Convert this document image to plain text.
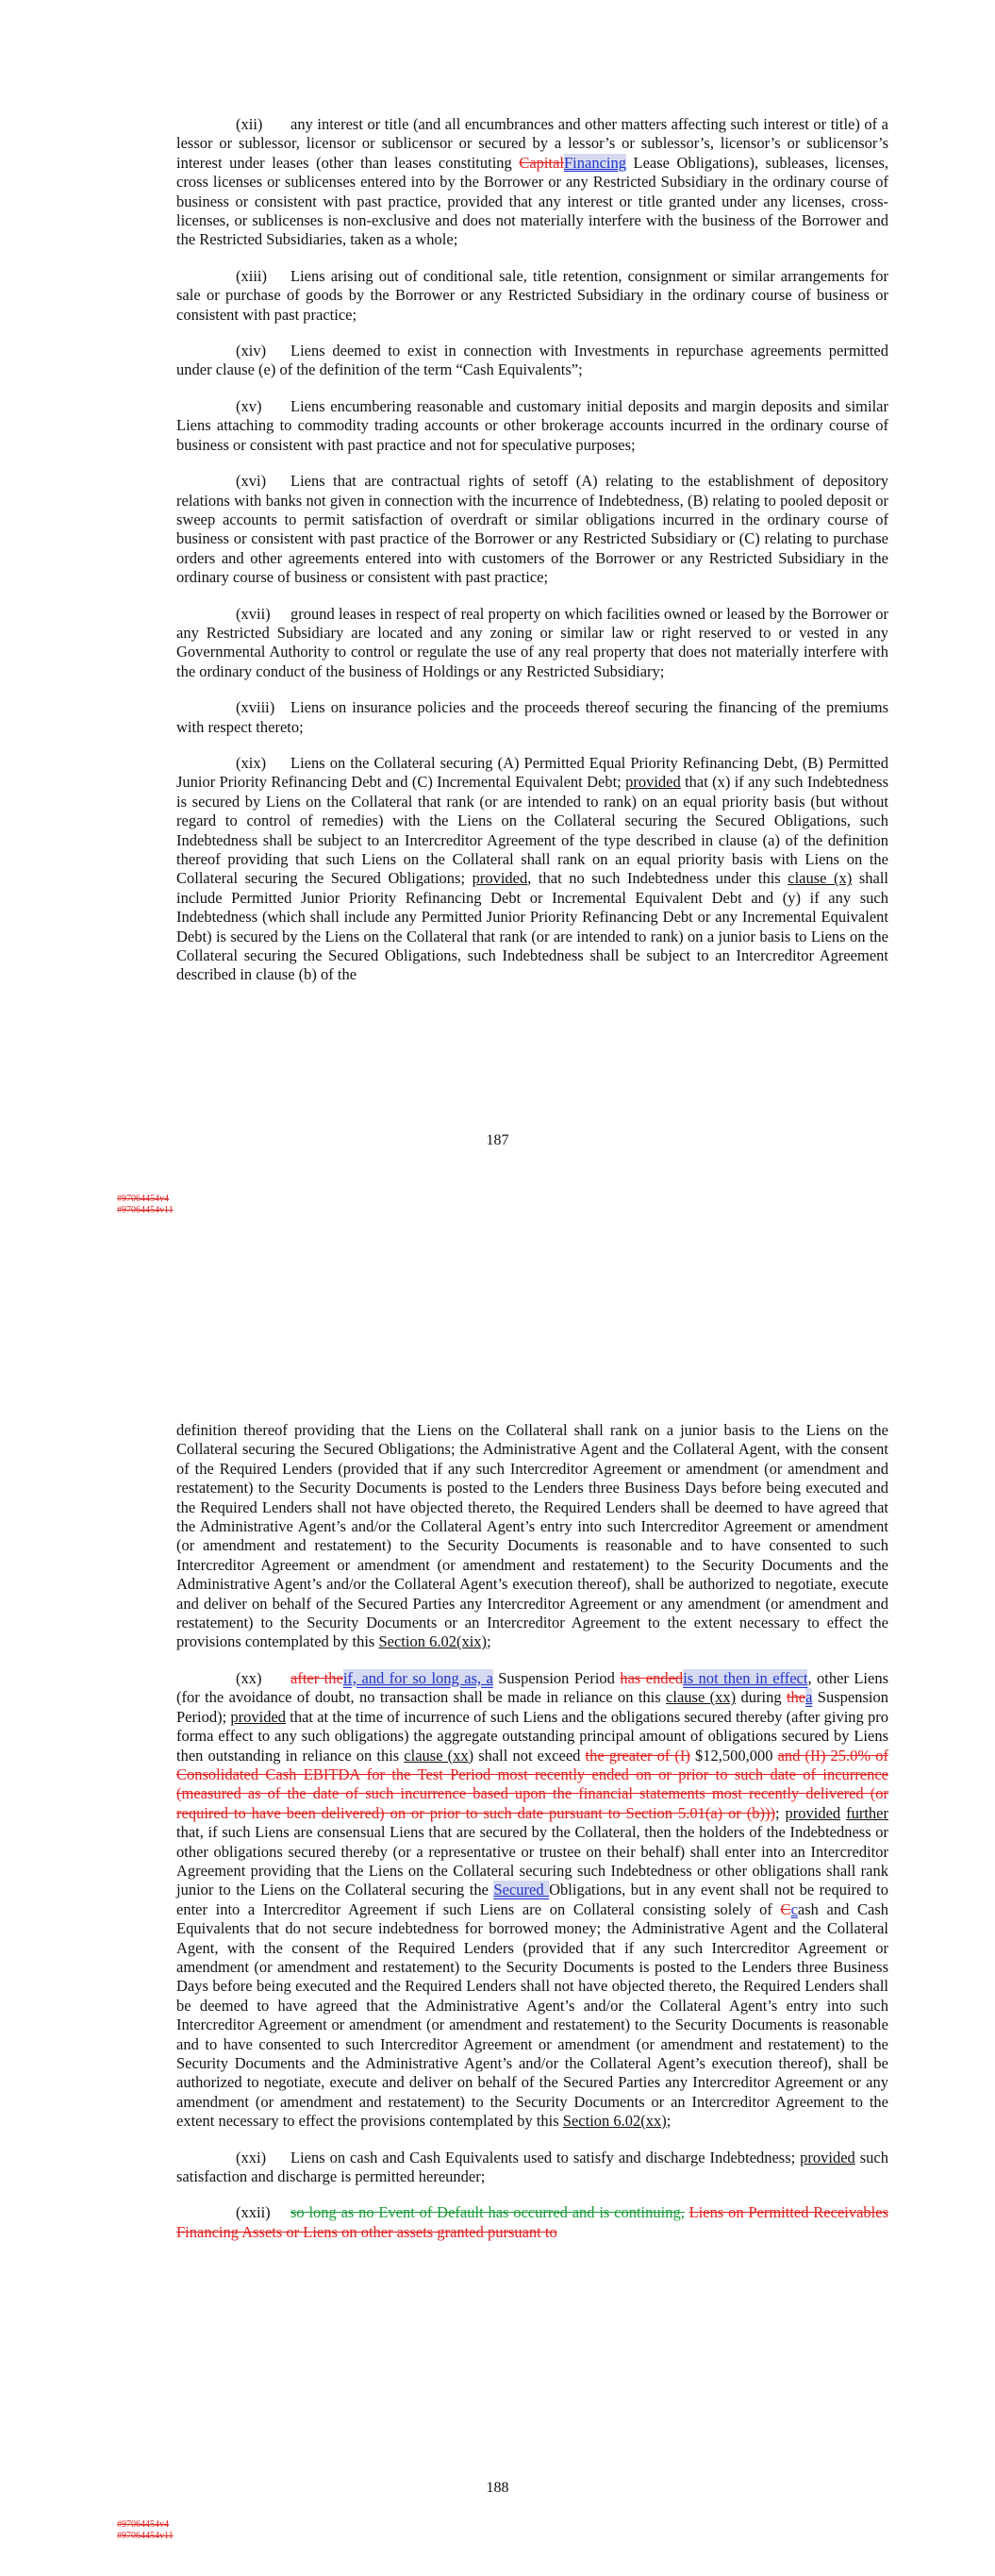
(xii) any interest or title (and all encumbrances and other matters affecting such interest or title) of a lessor or sublessor, licensor or sublicensor or secured by a lessor’s or sublessor’s, licensor’s or sublicensor’s interest under leases (other than leases constituting CapitalFinancing Lease Obligations), subleases, licenses, cross licenses or sublicenses entered into by the Borrower or any Restricted Subsidiary in the ordinary course of business or consistent with past practice, provided that any interest or title granted under any licenses, cross-licenses, or sublicenses is non-exclusive and does not materially interfere with the business of the Borrower and the Restricted Subsidiaries, taken as a whole;

(xiii) Liens arising out of conditional sale, title retention, consignment or similar arrangements for sale or purchase of goods by the Borrower or any Restricted Subsidiary in the ordinary course of business or consistent with past practice;

(xiv) Liens deemed to exist in connection with Investments in repurchase agreements permitted under clause (e) of the definition of the term “Cash Equivalents”;

(xv) Liens encumbering reasonable and customary initial deposits and margin deposits and similar Liens attaching to commodity trading accounts or other brokerage accounts incurred in the ordinary course of business or consistent with past practice and not for speculative purposes;

(xvi) Liens that are contractual rights of setoff (A) relating to the establishment of depository relations with banks not given in connection with the incurrence of Indebtedness, (B) relating to pooled deposit or sweep accounts to permit satisfaction of overdraft or similar obligations incurred in the ordinary course of business or consistent with past practice of the Borrower or any Restricted Subsidiary or (C) relating to purchase orders and other agreements entered into with customers of the Borrower or any Restricted Subsidiary in the ordinary course of business or consistent with past practice;

(xvii) ground leases in respect of real property on which facilities owned or leased by the Borrower or any Restricted Subsidiary are located and any zoning or similar law or right reserved to or vested in any Governmental Authority to control or regulate the use of any real property that does not materially interfere with the ordinary conduct of the business of Holdings or any Restricted Subsidiary;

(xviii) Liens on insurance policies and the proceeds thereof securing the financing of the premiums with respect thereto;

(xix) Liens on the Collateral securing (A) Permitted Equal Priority Refinancing Debt, (B) Permitted Junior Priority Refinancing Debt and (C) Incremental Equivalent Debt; provided that (x) if any such Indebtedness is secured by Liens on the Collateral that rank (or are intended to rank) on an equal priority basis (but without regard to control of remedies) with the Liens on the Collateral securing the Secured Obligations, such Indebtedness shall be subject to an Intercreditor Agreement of the type described in clause (a) of the definition thereof providing that such Liens on the Collateral shall rank on an equal priority basis with Liens on the Collateral securing the Secured Obligations; provided, that no such Indebtedness under this clause (x) shall include Permitted Junior Priority Refinancing Debt or Incremental Equivalent Debt and (y) if any such Indebtedness (which shall include any Permitted Junior Priority Refinancing Debt or any Incremental Equivalent Debt) is secured by the Liens on the Collateral that rank (or are intended to rank) on a junior basis to Liens on the Collateral securing the Secured Obligations, such Indebtedness shall be subject to an Intercreditor Agreement described in clause (b) of the

187
#97064454v4
#97064454v11

definition thereof providing that the Liens on the Collateral shall rank on a junior basis to the Liens on the Collateral securing the Secured Obligations; the Administrative Agent and the Collateral Agent, with the consent of the Required Lenders (provided that if any such Intercreditor Agreement or amendment (or amendment and restatement) to the Security Documents is posted to the Lenders three Business Days before being executed and the Required Lenders shall not have objected thereto, the Required Lenders shall be deemed to have agreed that the Administrative Agent’s and/or the Collateral Agent’s entry into such Intercreditor Agreement or amendment (or amendment and restatement) to the Security Documents is reasonable and to have consented to such Intercreditor Agreement or amendment (or amendment and restatement) to the Security Documents and the Administrative Agent’s and/or the Collateral Agent’s execution thereof), shall be authorized to negotiate, execute and deliver on behalf of the Secured Parties any Intercreditor Agreement or any amendment (or amendment and restatement) to the Security Documents or an Intercreditor Agreement to the extent necessary to effect the provisions contemplated by this Section 6.02(xix);

(xx) after theif, and for so long as, a Suspension Period has endedis not then in effect, other Liens (for the avoidance of doubt, no transaction shall be made in reliance on this clause (xx) during thea Suspension Period); provided that at the time of incurrence of such Liens and the obligations secured thereby (after giving pro forma effect to any such obligations) the aggregate outstanding principal amount of obligations secured by Liens then outstanding in reliance on this clause (xx) shall not exceed the greater of (I) $12,500,000 and (II) 25.0% of Consolidated Cash EBITDA for the Test Period most recently ended on or prior to such date of incurrence (measured as of the date of such incurrence based upon the financial statements most recently delivered (or required to have been delivered) on or prior to such date pursuant to Section 5.01(a) or (b))); provided further that, if such Liens are consensual Liens that are secured by the Collateral, then the holders of the Indebtedness or other obligations secured thereby (or a representative or trustee on their behalf) shall enter into an Intercreditor Agreement providing that the Liens on the Collateral securing such Indebtedness or other obligations shall rank junior to the Liens on the Collateral securing the Secured Obligations, but in any event shall not be required to enter into a Intercreditor Agreement if such Liens are on Collateral consisting solely of Ccash and Cash Equivalents that do not secure indebtedness for borrowed money; the Administrative Agent and the Collateral Agent, with the consent of the Required Lenders (provided that if any such Intercreditor Agreement or amendment (or amendment and restatement) to the Security Documents is posted to the Lenders three Business Days before being executed and the Required Lenders shall not have objected thereto, the Required Lenders shall be deemed to have agreed that the Administrative Agent’s and/or the Collateral Agent’s entry into such Intercreditor Agreement or amendment (or amendment and restatement) to the Security Documents is reasonable and to have consented to such Intercreditor Agreement or amendment (or amendment and restatement) to the Security Documents and the Administrative Agent’s and/or the Collateral Agent’s execution thereof), shall be authorized to negotiate, execute and deliver on behalf of the Secured Parties any Intercreditor Agreement or any amendment (or amendment and restatement) to the Security Documents or an Intercreditor Agreement to the extent necessary to effect the provisions contemplated by this Section 6.02(xx);

(xxi) Liens on cash and Cash Equivalents used to satisfy and discharge Indebtedness; provided such satisfaction and discharge is permitted hereunder;

(xxii) so long as no Event of Default has occurred and is continuing, Liens on Permitted Receivables Financing Assets or Liens on other assets granted pursuant to

188
#97064454v4
#97064454v11
